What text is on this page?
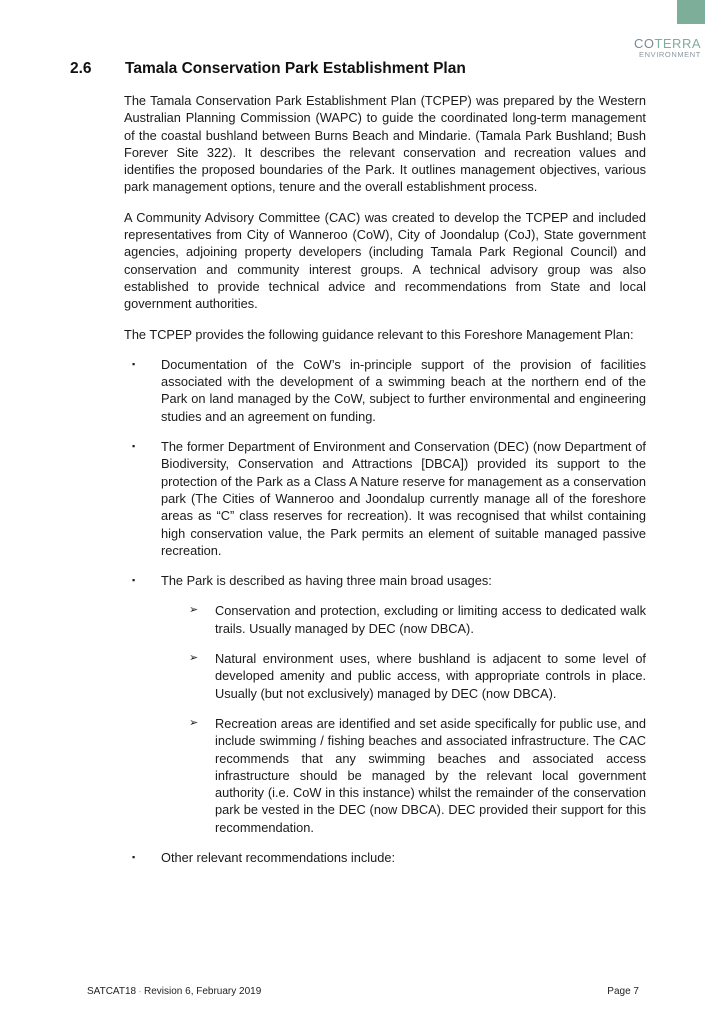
COTERRA
ENVIRONMENT
2.6 Tamala Conservation Park Establishment Plan

The Tamala Conservation Park Establishment Plan (TCPEP) was prepared by the Western Australian Planning Commission (WAPC) to guide the coordinated long-term management of the coastal bushland between Burns Beach and Mindarie. (Tamala Park Bushland; Bush Forever Site 322). It describes the relevant conservation and recreation values and identifies the proposed boundaries of the Park. It outlines management objectives, various park management options, tenure and the overall establishment process.

A Community Advisory Committee (CAC) was created to develop the TCPEP and included representatives from City of Wanneroo (CoW), City of Joondalup (CoJ), State government agencies, adjoining property developers (including Tamala Park Regional Council) and conservation and community interest groups. A technical advisory group was also established to provide technical advice and recommendations from State and local government authorities.

The TCPEP provides the following guidance relevant to this Foreshore Management Plan:

▪ Documentation of the CoW’s in-principle support of the provision of facilities associated with the development of a swimming beach at the northern end of the Park on land managed by the CoW, subject to further environmental and engineering studies and an agreement on funding.
▪ The former Department of Environment and Conservation (DEC) (now Department of Biodiversity, Conservation and Attractions [DBCA]) provided its support to the protection of the Park as a Class A Nature reserve for management as a conservation park (The Cities of Wanneroo and Joondalup currently manage all of the foreshore areas as “C” class reserves for recreation). It was recognised that whilst containing high conservation value, the Park permits an element of suitable managed passive recreation.
▪ The Park is described as having three main broad usages:
➢ Conservation and protection, excluding or limiting access to dedicated walk trails. Usually managed by DEC (now DBCA).
➢ Natural environment uses, where bushland is adjacent to some level of developed amenity and public access, with appropriate controls in place. Usually (but not exclusively) managed by DEC (now DBCA).
➢ Recreation areas are identified and set aside specifically for public use, and include swimming / fishing beaches and associated infrastructure. The CAC recommends that any swimming beaches and associated access infrastructure should be managed by the relevant local government authority (i.e. CoW in this instance) whilst the remainder of the conservation park be vested in the DEC (now DBCA). DEC provided their support for this recommendation.
▪ Other relevant recommendations include:
SATCAT18 - Revision 6, February 2019	Page 7
